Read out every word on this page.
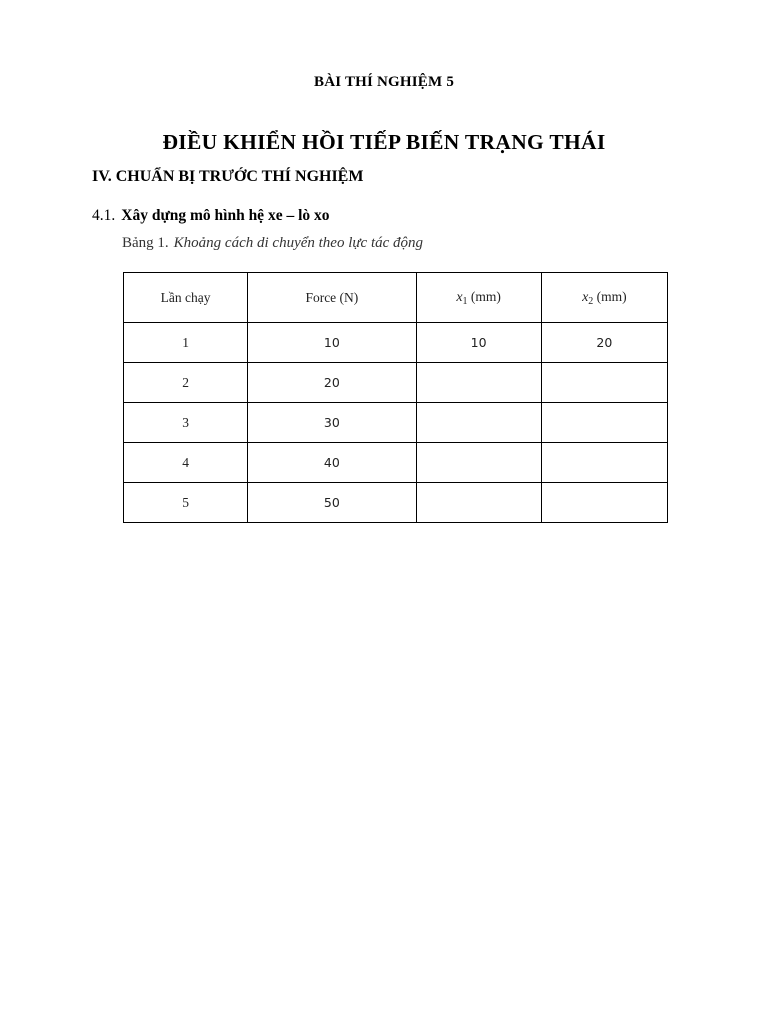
BÀI THÍ NGHIỆM 5
ĐIỀU KHIỂN HỒI TIẾP BIẾN TRẠNG THÁI
IV. CHUẨN BỊ TRƯỚC THÍ NGHIỆM
4.1. Xây dựng mô hình hệ xe – lò xo
Bảng 1. Khoảng cách di chuyển theo lực tác động
Lần chạy	Force (N)	$x_1$ (mm)	$x_2$ (mm)
1	10	10	20
2	20		
3	30		
4	40		
5	50		
